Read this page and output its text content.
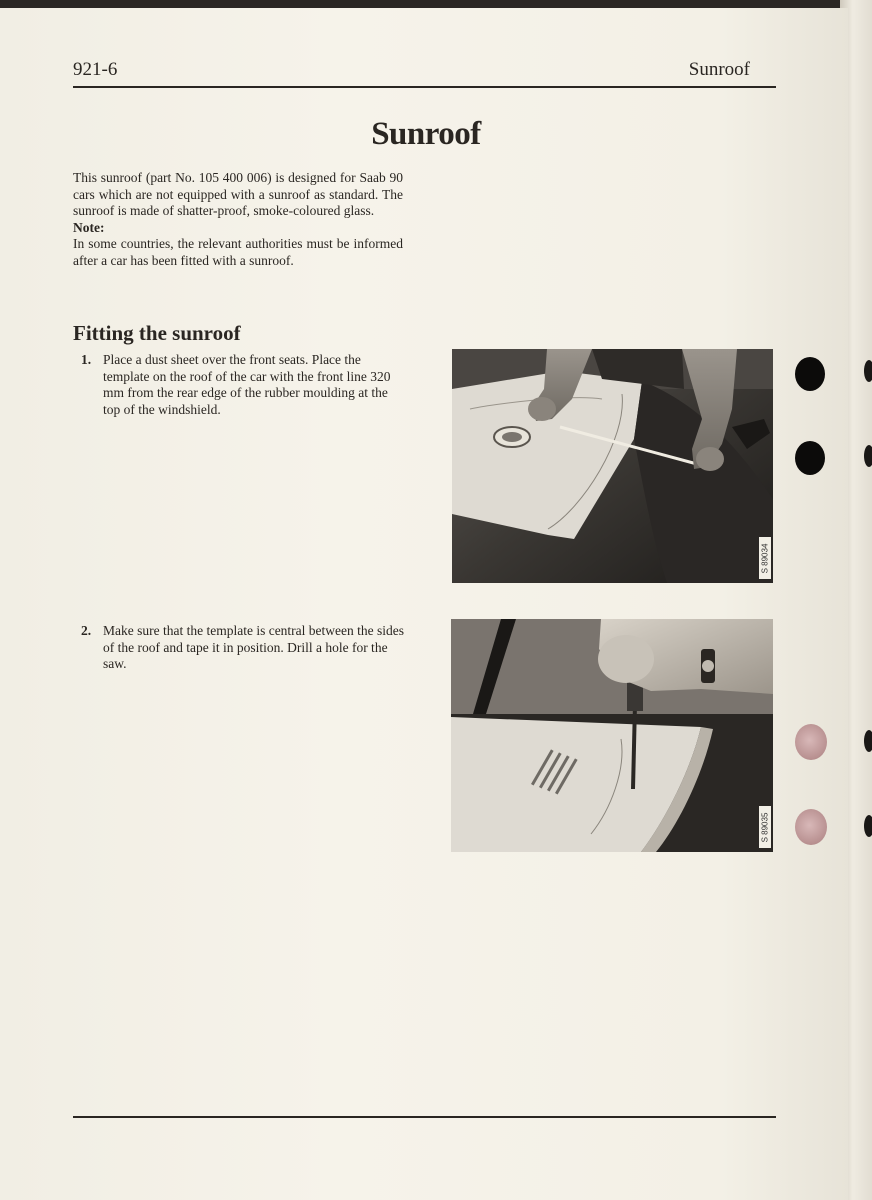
921-6	Sunroof
Sunroof

This sunroof (part No. 105 400 006) is designed for Saab 90 cars which are not equipped with a sunroof as standard. The sunroof is made of shatter-proof, smoke-coloured glass.

Note:

In some countries, the relevant authorities must be informed after a car has been fitted with a sunroof.

Fitting the sunroof
1. Place a dust sheet over the front seats. Place the template on the roof of the car with the front line 320 mm from the rear edge of the rubber moulding at the top of the windshield.
2. Make sure that the template is central between the sides of the roof and tape it in position. Drill a hole for the saw.
S 89034
S 89035
